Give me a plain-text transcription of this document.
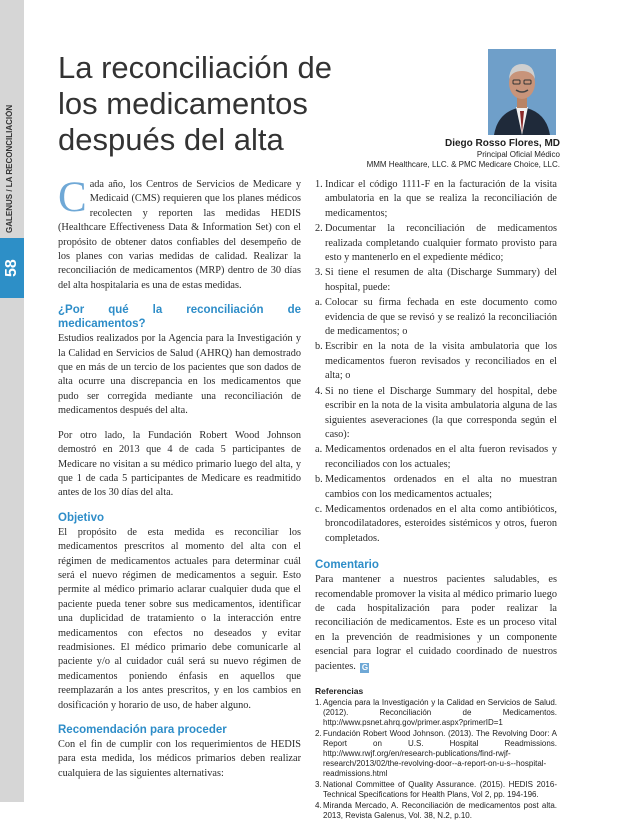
GALENUS / LA RECONCILIACIÓN
58
La reconciliación de los medicamentos después del alta	Diego Rosso Flores, MD
Principal Oficial Médico
MMM Healthcare, LLC. & PMC Medicare Choice, LLC.

Cada año, los Centros de Servicios de Medicare y Medicaid (CMS) requieren que los planes médicos recolecten y reporten las medidas HEDIS (Healthcare Effectiveness Data & Information Set) con el propósito de obtener datos confiables del desempeño de los planes con varias medidas de calidad. Realizar la reconciliación de medicamentos (MRP) dentro de 30 días del alta hospitalaria es una de estas medidas.

¿Por qué la reconciliación de medicamentos?

Estudios realizados por la Agencia para la Investigación y la Calidad en Servicios de Salud (AHRQ) han demostrado que en más de un tercio de los pacientes que son dados de alta ocurre una discrepancia en los medicamentos que pudo ser corregida mediante una reconciliación de medicamentos después del alta.

Por otro lado, la Fundación Robert Wood Johnson demostró en 2013 que 4 de cada 5 participantes de Medicare no visitan a su médico primario luego del alta, y que 1 de cada 5 participantes de Medicare es readmitido antes de los 30 días del alta.

Objetivo

El propósito de esta medida es reconciliar los medicamentos prescritos al momento del alta con el régimen de medicamentos actuales para determinar cuál será el nuevo régimen de medicamentos a seguir. Esto permite al médico primario aclarar cualquier duda que el paciente pueda tener sobre sus medicamentos, identificar una duplicidad de tratamiento o la interacción entre medicamentos con efectos no deseados y evitar readmisiones. El médico primario debe comunicarle al paciente y/o al cuidador cuál será su nuevo régimen de medicamentos poniendo énfasis en aquellos que reemplazarán a los antes prescritos, y en los cambios en dosificación y horario de uso, de haber alguno.

Recomendación para proceder

Con el fin de cumplir con los requerimientos de HEDIS para esta medida, los médicos primarios deben realizar cualquiera de las siguientes alternativas:

1. Indicar el código 1111-F en la facturación de la visita ambulatoria en la que se realiza la reconciliación de medicamentos;
2. Documentar la reconciliación de medicamentos realizada completando cualquier formato provisto para esto y mantenerlo en el expediente médico;
3. Si tiene el resumen de alta (Discharge Summary) del hospital, puede:
a. Colocar su firma fechada en este documento como evidencia de que se revisó y se realizó la reconciliación de medicamentos; o
b. Escribir en la nota de la visita ambulatoria que los medicamentos fueron revisados y reconciliados en el alta; o
4. Si no tiene el Discharge Summary del hospital, debe escribir en la nota de la visita ambulatoria alguna de las siguientes aseveraciones (la que corresponda según el caso):
a. Medicamentos ordenados en el alta fueron revisados y reconciliados con los actuales;
b. Medicamentos ordenados en el alta no muestran cambios con los medicamentos actuales;
c. Medicamentos ordenados en el alta como antibióticos, broncodilatadores, esteroides sistémicos y otros, fueron completados.
Comentario

Para mantener a nuestros pacientes saludables, es recomendable promover la visita al médico primario luego de cada hospitalización para poder realizar la reconciliación de medicamentos. Este es un proceso vital en la prevención de readmisiones y un componente esencial para lograr el cuidado coordinado de nuestros pacientes. G

Referencias
1. Agencia para la Investigación y la Calidad en Servicios de Salud. (2012). Reconciliación de Medicamentos. http://www.psnet.ahrq.gov/primer.aspx?primerID=1
2. Fundación Robert Wood Johnson. (2013). The Revolving Door: A Report on U.S. Hospital Readmissions. http://www.rwjf.org/en/research-publications/find-rwjf-research/2013/02/the-revolving-door--a-report-on-u-s--hospital-readmissions.html
3. National Committee of Quality Assurance. (2015). HEDIS 2016-Technical Specifications for Health Plans, Vol 2, pp. 194-196.
4. Miranda Mercado, A. Reconciliación de medicamentos post alta. 2013, Revista Galenus, Vol. 38, N.2, p.10.
